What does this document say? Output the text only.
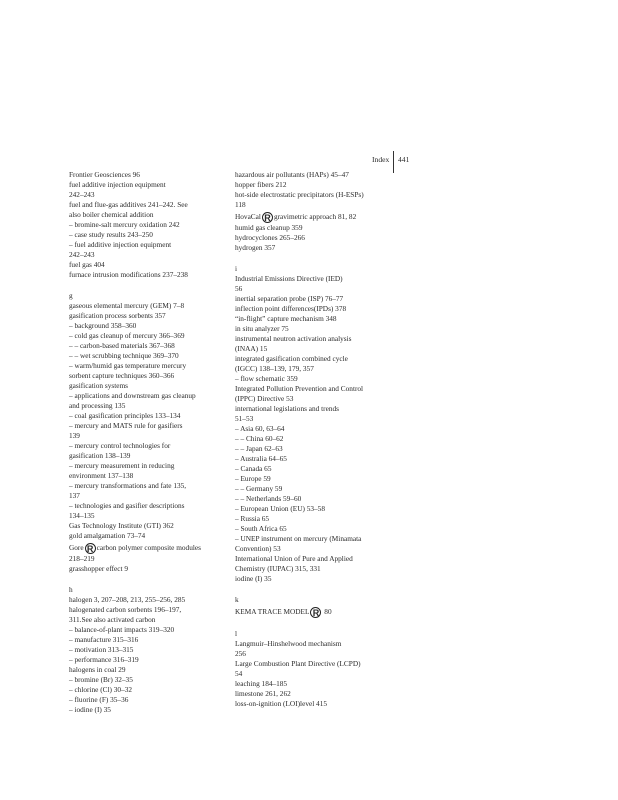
Index 441
Frontier Geosciences 96
fuel additive injection equipment
242–243
fuel and flue-gas additives 241–242. See
also boiler chemical addition
– bromine-salt mercury oxidation 242
– case study results 243–250
– fuel additive injection equipment
242–243
fuel gas 404
furnace intrusion modifications 237–238
g
gaseous elemental mercury (GEM) 7–8
gasification process sorbents 357
– background 358–360
– cold gas cleanup of mercury 366–369
– – carbon-based materials 367–368
– – wet scrubbing technique 369–370
– warm/humid gas temperature mercury
sorbent capture techniques 360–366
gasification systems
– applications and downstream gas cleanup
and processing 135
– coal gasification principles 133–134
– mercury and MATS rule for gasifiers
139
– mercury control technologies for
gasification 138–139
– mercury measurement in reducing
environment 137–138
– mercury transformations and fate 135,
137
– technologies and gasifier descriptions
134–135
Gas Technology Institute (GTI) 362
gold amalgamation 73–74
Gore R carbon polymer composite modules
218–219
grasshopper effect 9
h
halogen 3, 207–208, 213, 255–256, 285
halogenated carbon sorbents 196–197,
311.See also activated carbon
– balance-of-plant impacts 319–320
– manufacture 315–316
– motivation 313–315
– performance 316–319
halogens in coal 29
– bromine (Br) 32–35
– chlorine (Cl) 30–32
– fluorine (F) 35–36
– iodine (I) 35
hazardous air pollutants (HAPs) 45–47
hopper fibers 212
hot-side electrostatic precipitators (H-ESPs)
118
HovaCal R gravimetric approach 81, 82
humid gas cleanup 359
hydrocyclones 265–266
hydrogen 357
i
Industrial Emissions Directive (IED)
56
inertial separation probe (ISP) 76–77
inflection point differences(IPDs) 378
“in-flight” capture mechanism 348
in situ analyzer 75
instrumental neutron activation analysis
(INAA) 15
integrated gasification combined cycle
(IGCC) 138–139, 179, 357
– flow schematic 359
Integrated Pollution Prevention and Control
(IPPC) Directive 53
international legislations and trends
51–53
– Asia 60, 63–64
– – China 60–62
– – Japan 62–63
– Australia 64–65
– Canada 65
– Europe 59
– – Germany 59
– – Netherlands 59–60
– European Union (EU) 53–58
– Russia 65
– South Africa 65
– UNEP instrument on mercury (Minamata
Convention) 53
International Union of Pure and Applied
Chemistry (IUPAC) 315, 331
iodine (I) 35
k
KEMA TRACE MODEL R 80
l
Langmuir–Hinshelwood mechanism
256
Large Combustion Plant Directive (LCPD)
54
leaching 184–185
limestone 261, 262
loss-on-ignition (LOI)level 415
